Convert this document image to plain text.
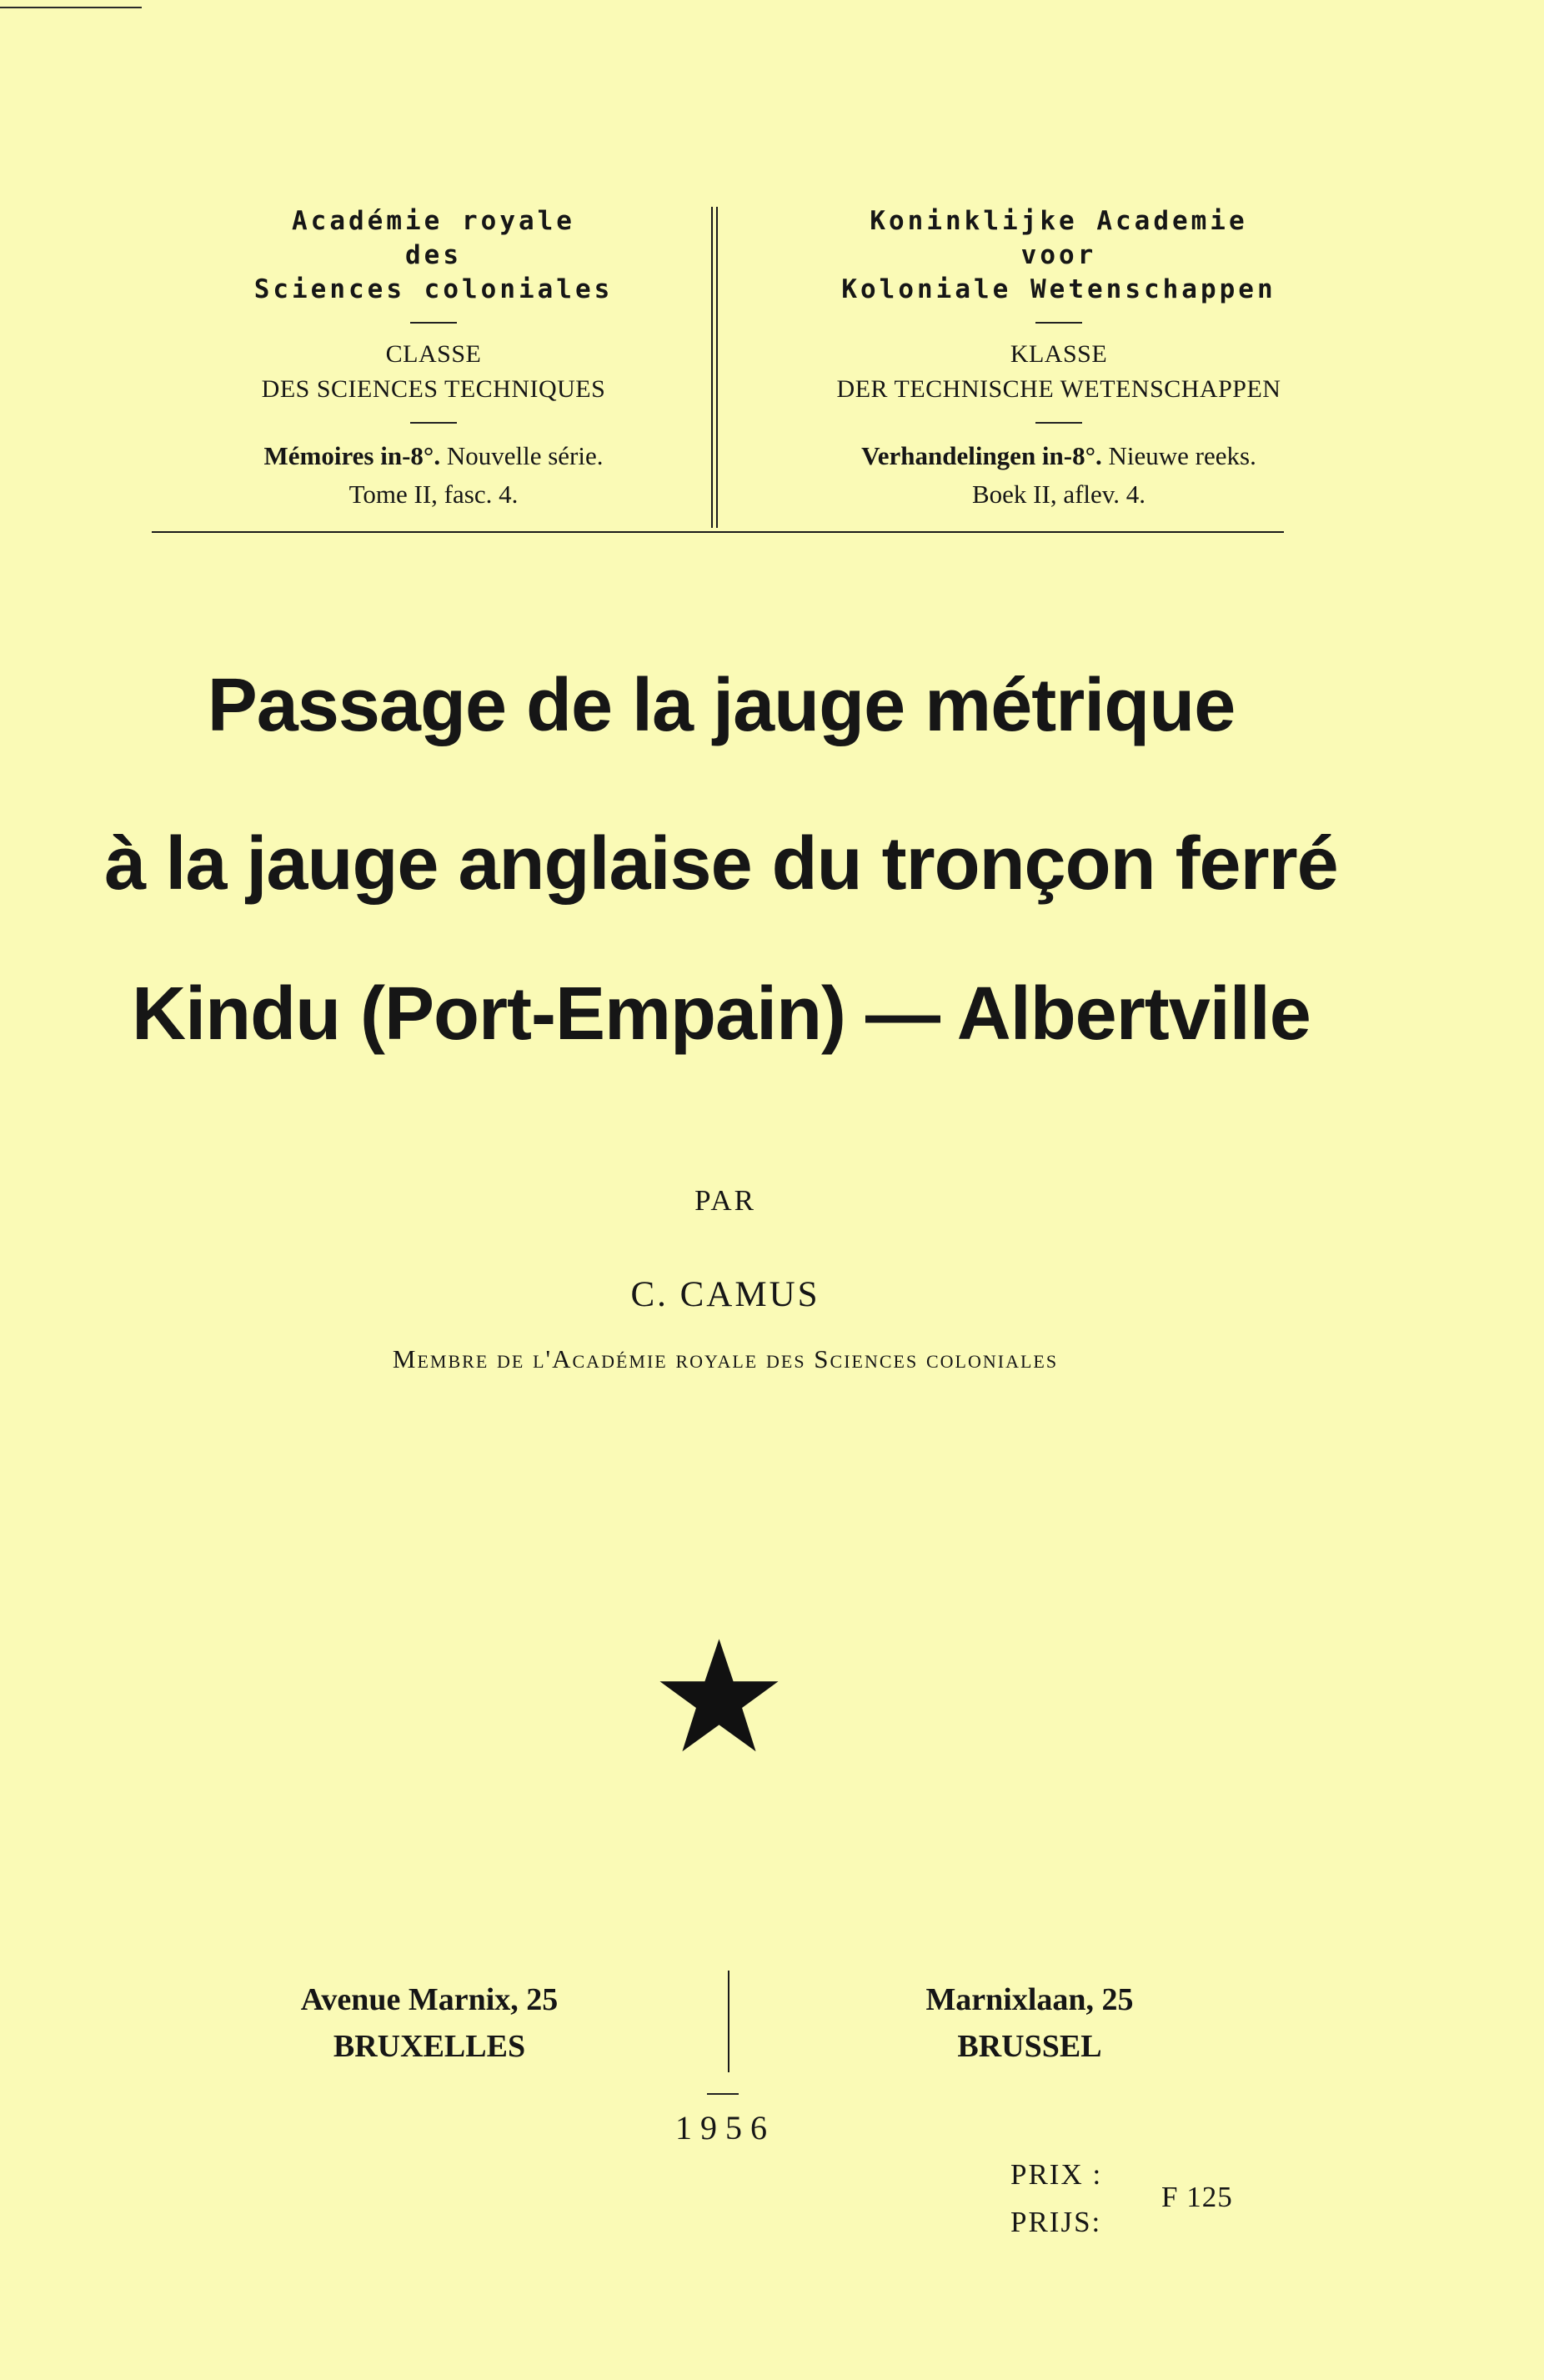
Académie royale

des

Sciences coloniales

CLASSE

DES SCIENCES TECHNIQUES

Mémoires in-8°. Nouvelle série.

Tome II, fasc. 4.

Koninklijke Academie

voor

Koloniale Wetenschappen

KLASSE

DER TECHNISCHE WETENSCHAPPEN

Verhandelingen in-8°. Nieuwe reeks.

Boek II, aflev. 4.

Passage de la jauge métrique
à la jauge anglaise du tronçon ferré
Kindu (Port-Empain) — Albertville
PAR
C. CAMUS
Membre de l'Académie royale des Sciences coloniales
Avenue Marnix, 25
BRUXELLES
Marnixlaan, 25
BRUSSEL
1956
PRIX :
PRIJS:
F 125
